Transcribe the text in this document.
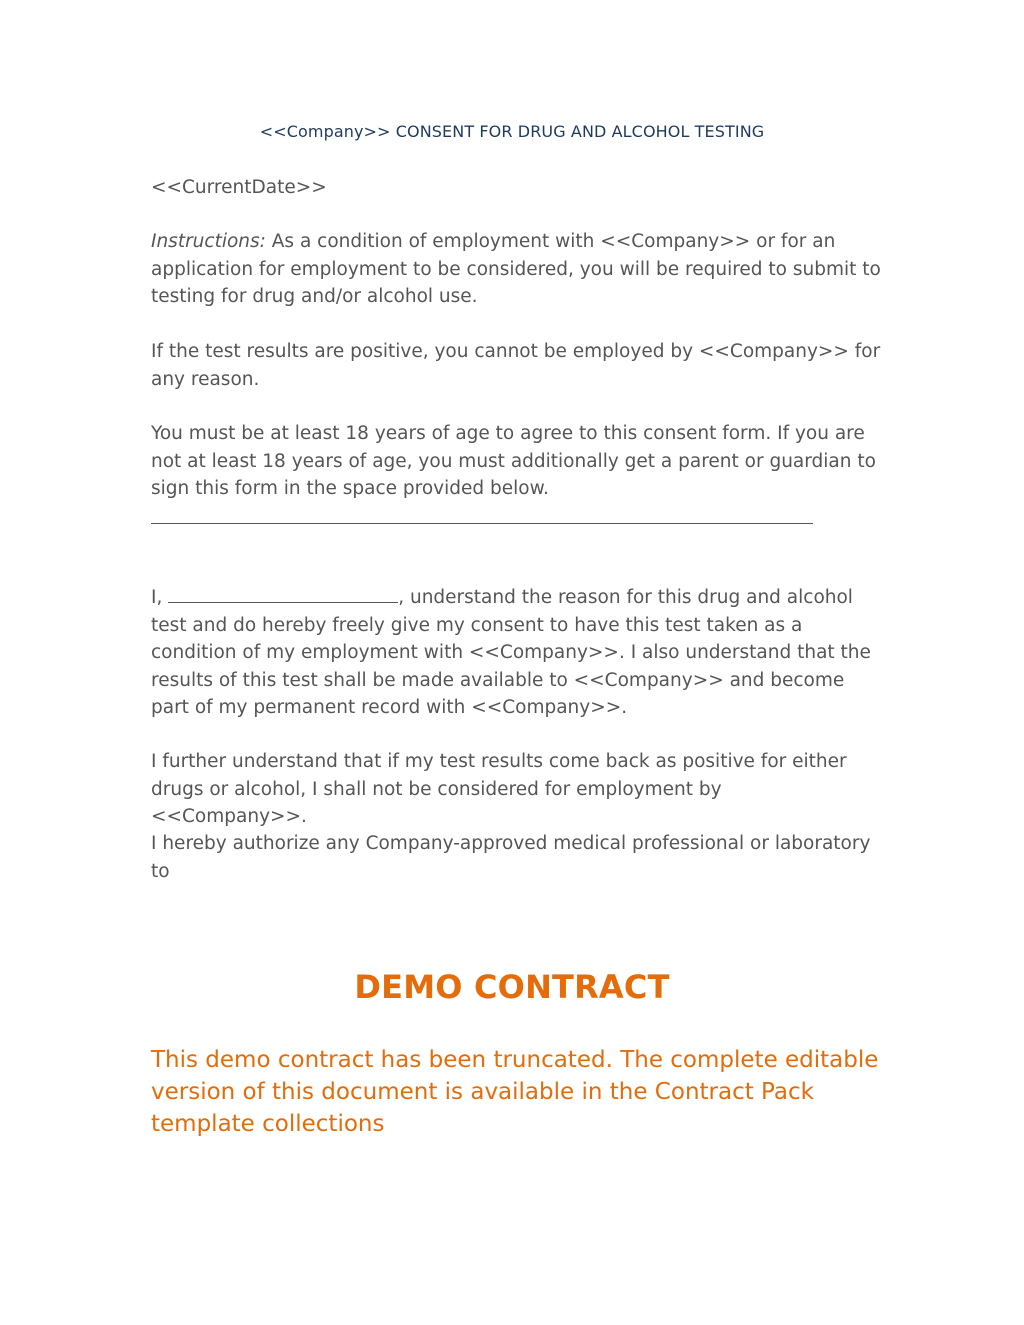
<<Company>> CONSENT FOR DRUG AND ALCOHOL TESTING

<<CurrentDate>>

Instructions: As a condition of employment with <<Company>> or for an application for employment to be considered, you will be required to submit to testing for drug and/or alcohol use.

If the test results are positive, you cannot be employed by <<Company>> for any reason.

You must be at least 18 years of age to agree to this consent form. If you are not at least 18 years of age, you must additionally get a parent or guardian to sign this form in the space provided below.

I,	, understand the reason for this drug and alcohol test and do hereby freely give my consent to have this test taken as a condition of my employment with <<Company>>. I also understand that the results of this test shall be made available to <<Company>> and become part of my permanent record with <<Company>>.

I further understand that if my test results come back as positive for either drugs or alcohol, I shall not be considered for employment by <<Company>>.

I hereby authorize any Company-approved medical professional or laboratory to

DEMO CONTRACT

This demo contract has been truncated. The complete editable version of this document is available in the Contract Pack template collections
